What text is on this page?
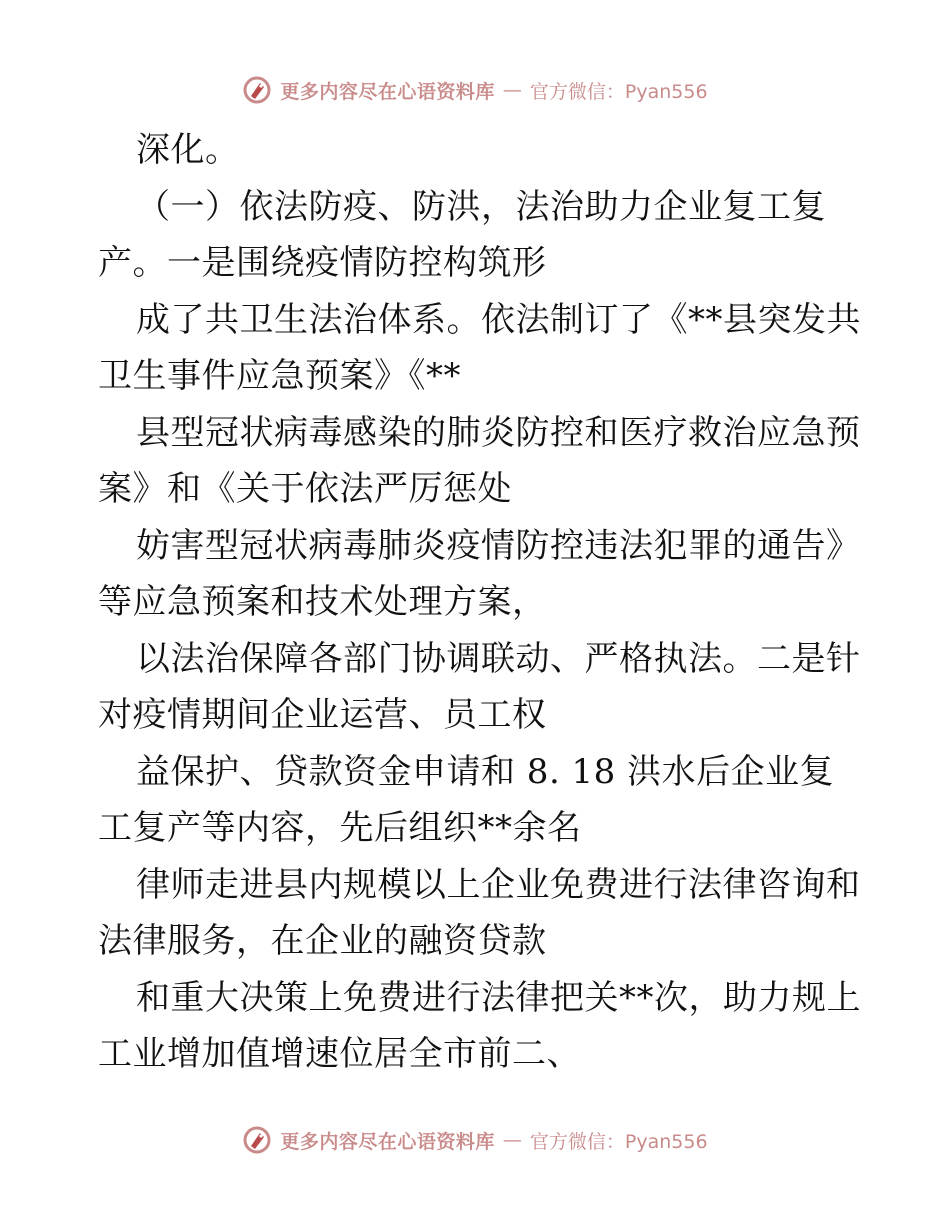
更多内容尽在心语资料库 — 官方微信：Pyan556
深化。
（一）依法防疫、防洪，法治助力企业复工复
产。一是围绕疫情防控构筑形
成了共卫生法治体系。依法制订了《**县突发共
卫生事件应急预案》《**
县型冠状病毒感染的肺炎防控和医疗救治应急预
案》和《关于依法严厉惩处
妨害型冠状病毒肺炎疫情防控违法犯罪的通告》
等应急预案和技术处理方案，
以法治保障各部门协调联动、严格执法。二是针
对疫情期间企业运营、员工权
益保护、贷款资金申请和 8. 18 洪水后企业复
工复产等内容，先后组织**余名
律师走进县内规模以上企业免费进行法律咨询和
法律服务，在企业的融资贷款
和重大决策上免费进行法律把关**次，助力规上
工业增加值增速位居全市前二、
更多内容尽在心语资料库 — 官方微信：Pyan556
